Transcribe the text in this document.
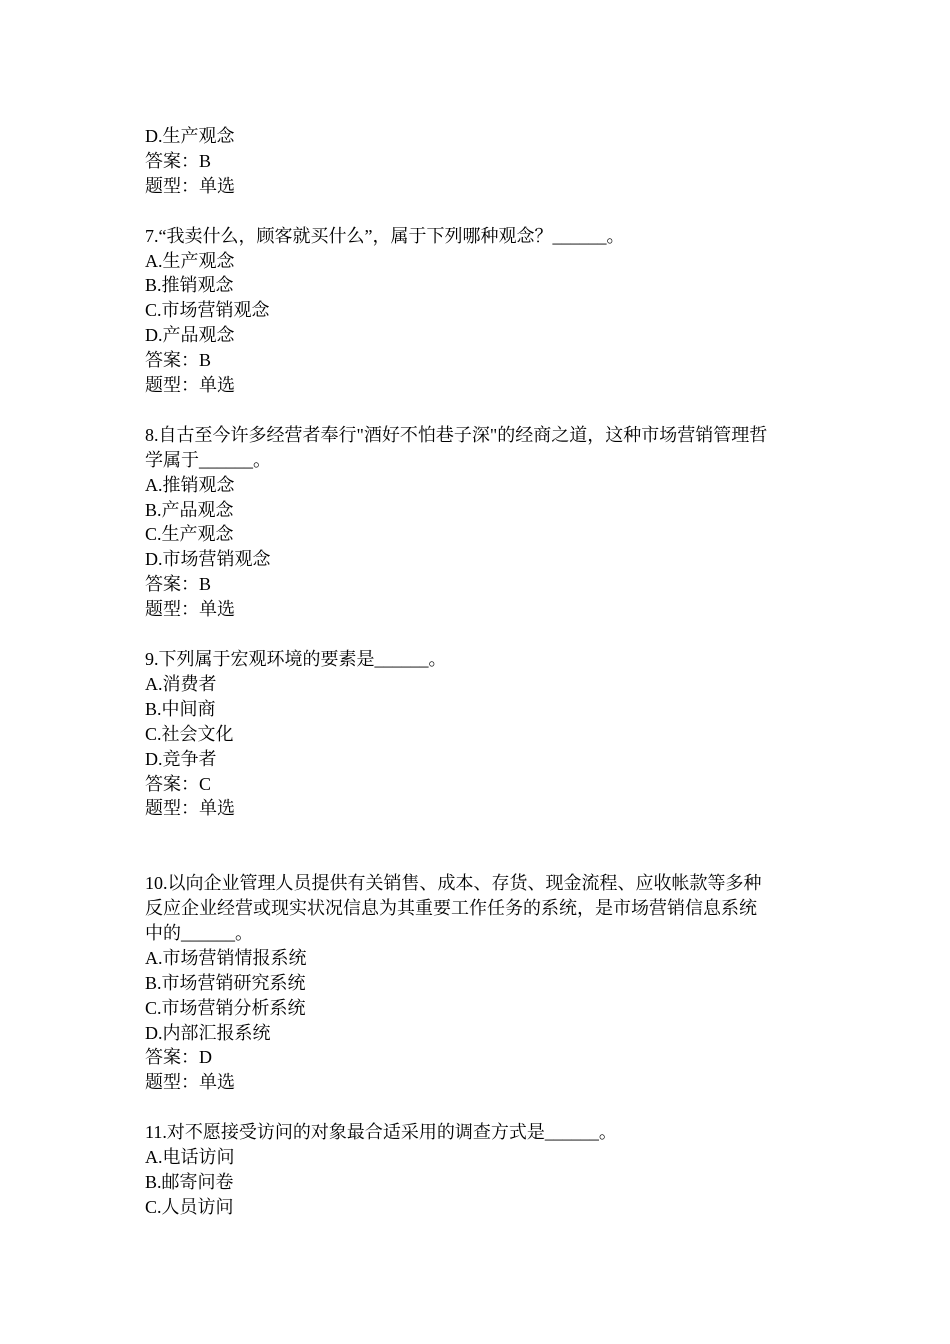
D.生产观念
答案：B
题型：单选
7.“我卖什么，顾客就买什么”，属于下列哪种观念？______。
A.生产观念
B.推销观念
C.市场营销观念
D.产品观念
答案：B
题型：单选
8.自古至今许多经营者奉行"酒好不怕巷子深"的经商之道，这种市场营销管理哲
学属于______。
A.推销观念
B.产品观念
C.生产观念
D.市场营销观念
答案：B
题型：单选
9.下列属于宏观环境的要素是______。
A.消费者
B.中间商
C.社会文化
D.竞争者
答案：C
题型：单选
10.以向企业管理人员提供有关销售、成本、存货、现金流程、应收帐款等多种
反应企业经营或现实状况信息为其重要工作任务的系统，是市场营销信息系统
中的______。
A.市场营销情报系统
B.市场营销研究系统
C.市场营销分析系统
D.内部汇报系统
答案：D
题型：单选
11.对不愿接受访问的对象最合适采用的调查方式是______。
A.电话访问
B.邮寄问卷
C.人员访问
